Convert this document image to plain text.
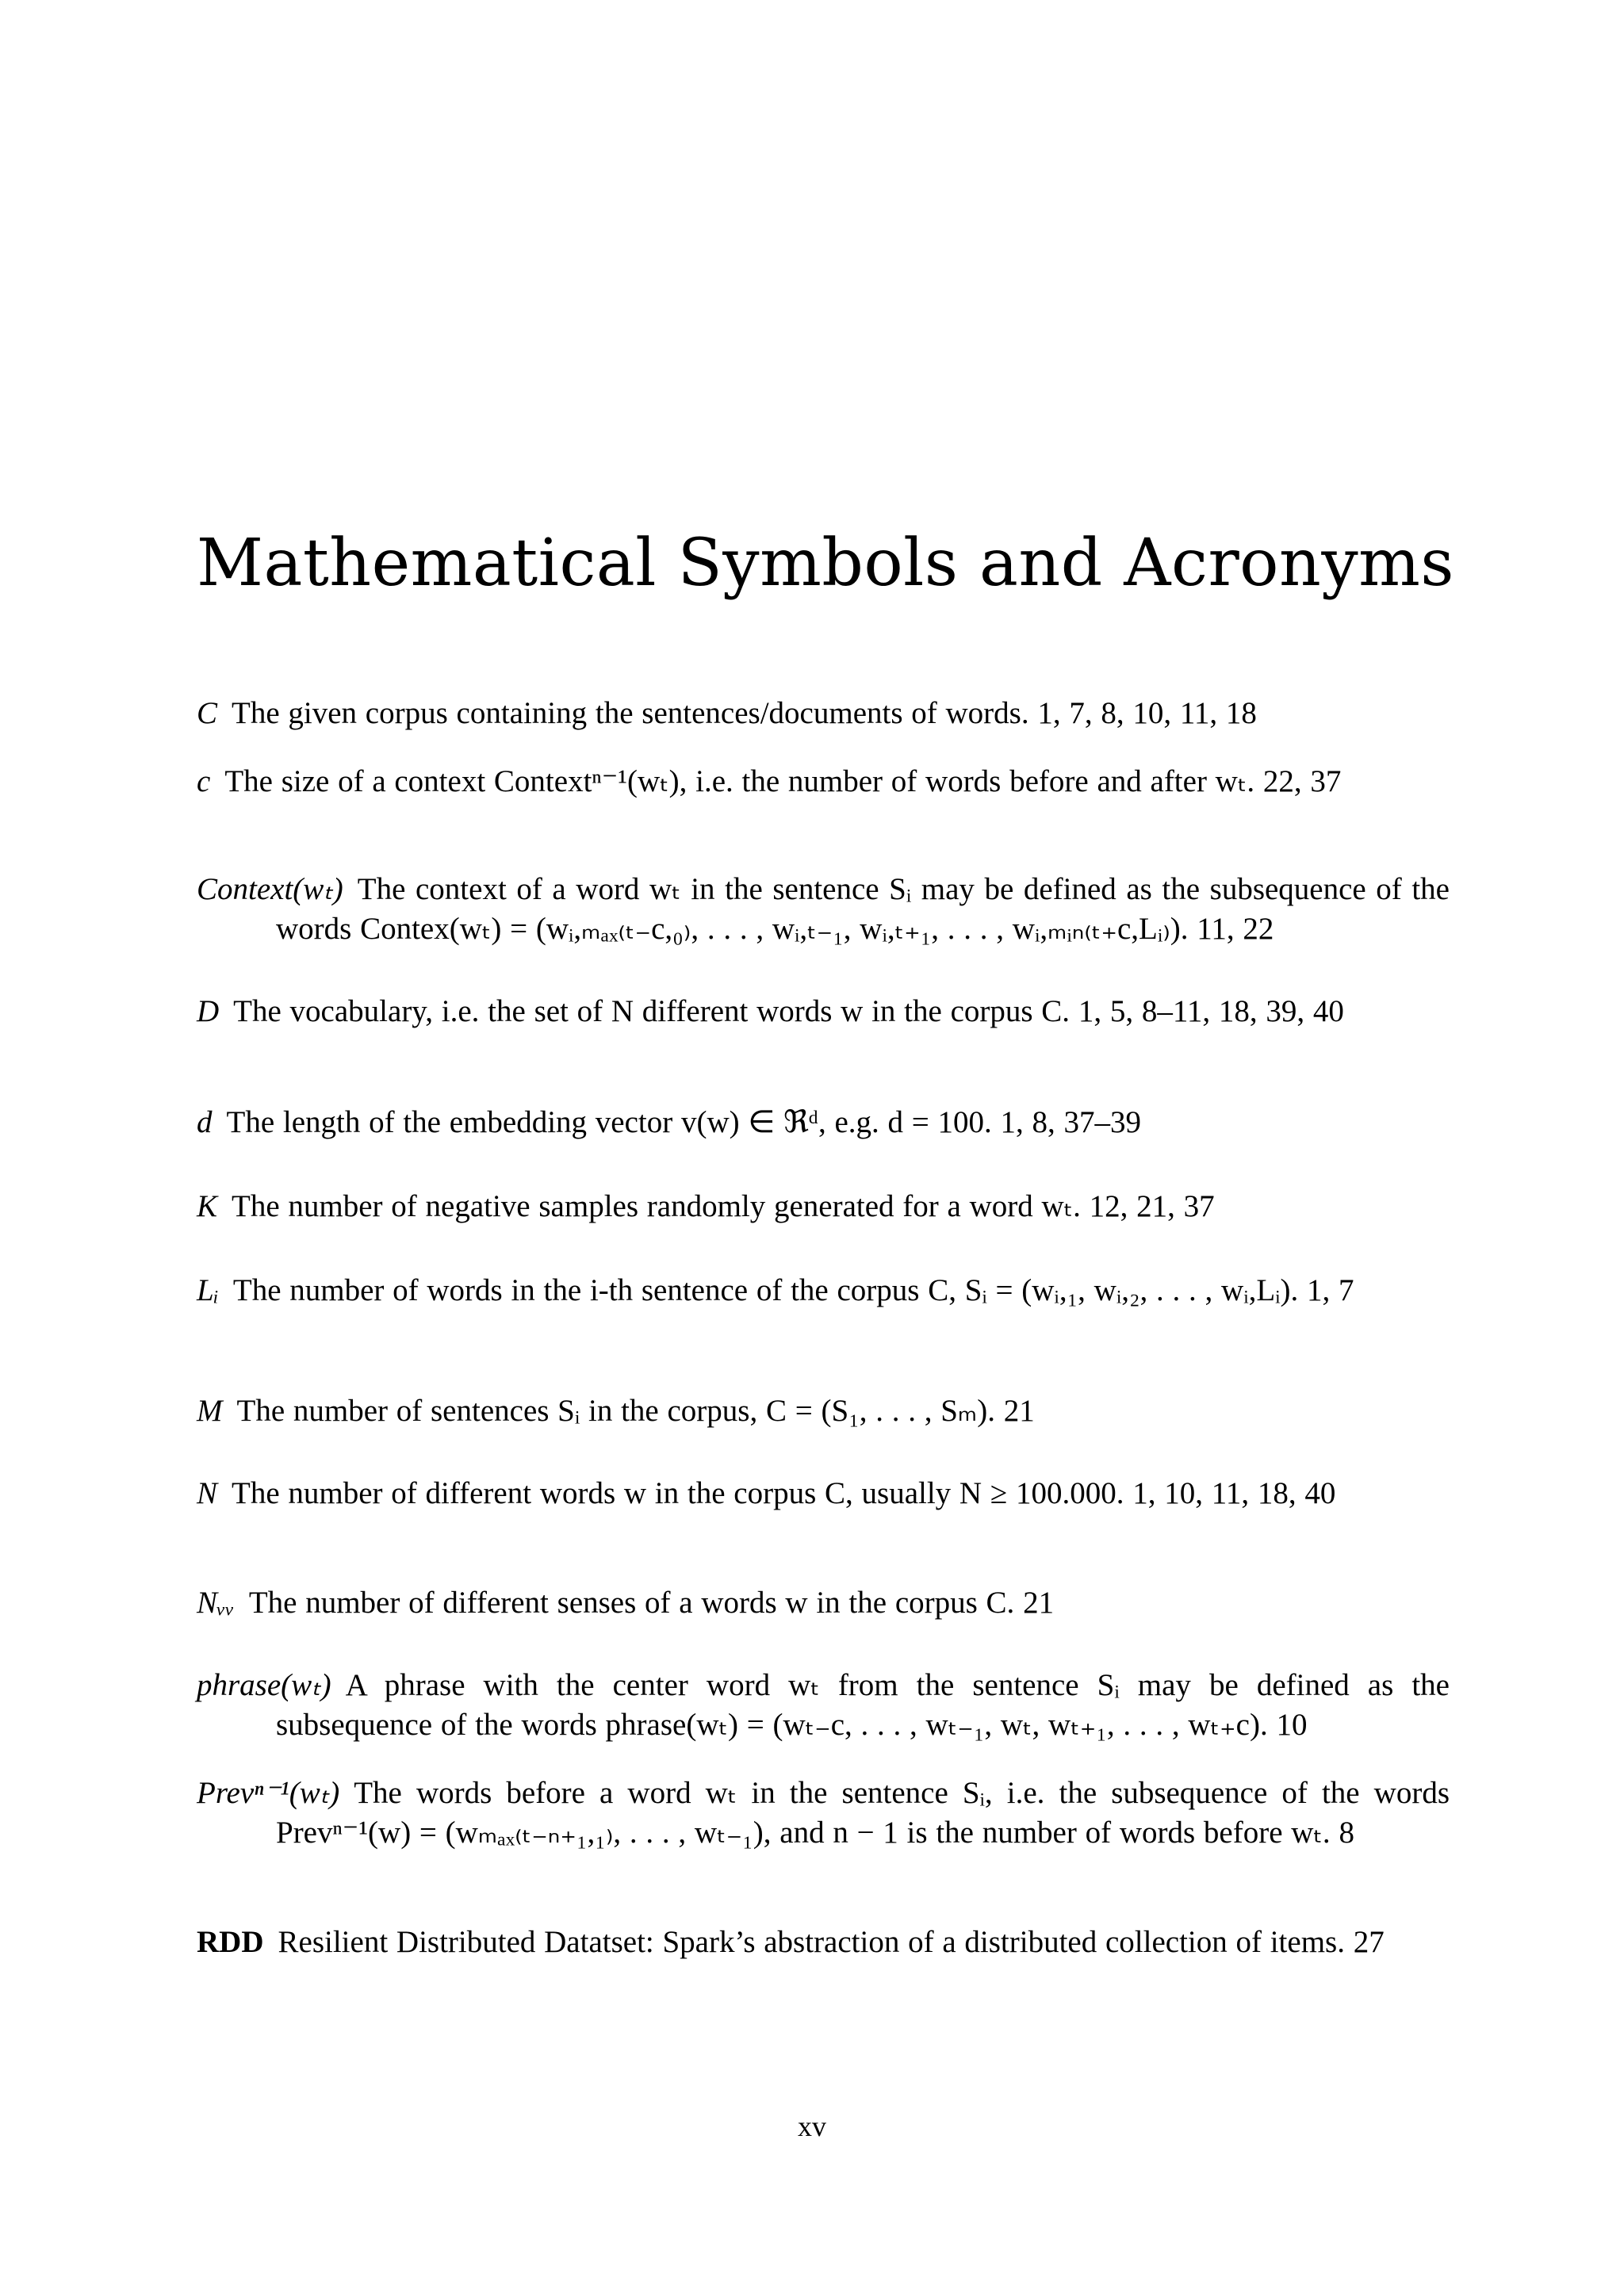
Mathematical Symbols and Acronyms

C The given corpus containing the sentences/documents of words. 1, 7, 8, 10, 11, 18

c The size of a context Contextⁿ⁻¹(wₜ), i.e. the number of words before and after wₜ. 22, 37

Context(wₜ) The context of a word wₜ in the sentence Sᵢ may be defined as the subsequence of the words Contex(wₜ) = (wᵢ,ₘₐₓ₍ₜ₋c,₀₎, . . . , wᵢ,ₜ₋₁, wᵢ,ₜ₊₁, . . . , wᵢ,ₘᵢₙ₍ₜ₊c,Lᵢ₎). 11, 22

D The vocabulary, i.e. the set of N different words w in the corpus C. 1, 5, 8–11, 18, 39, 40

d The length of the embedding vector v(w) ∈ ℜᵈ, e.g. d = 100. 1, 8, 37–39

K The number of negative samples randomly generated for a word wₜ. 12, 21, 37

Lᵢ The number of words in the i-th sentence of the corpus C, Sᵢ = (wᵢ,₁, wᵢ,₂, . . . , wᵢ,Lᵢ). 1, 7

M The number of sentences Sᵢ in the corpus, C = (S₁, . . . , Sₘ). 21

N The number of different words w in the corpus C, usually N ≥ 100.000. 1, 10, 11, 18, 40

Nᵥᵥ The number of different senses of a words w in the corpus C. 21

phrase(wₜ) A phrase with the center word wₜ from the sentence Sᵢ may be defined as the subsequence of the words phrase(wₜ) = (wₜ₋c, . . . , wₜ₋₁, wₜ, wₜ₊₁, . . . , wₜ₊c). 10

Prevⁿ⁻¹(wₜ) The words before a word wₜ in the sentence Sᵢ, i.e. the subsequence of the words Prevⁿ⁻¹(w) = (wₘₐₓ₍ₜ₋ₙ₊₁,₁₎, . . . , wₜ₋₁), and n − 1 is the number of words before wₜ. 8

RDD Resilient Distributed Datatset: Spark’s abstraction of a distributed collection of items. 27

xv
